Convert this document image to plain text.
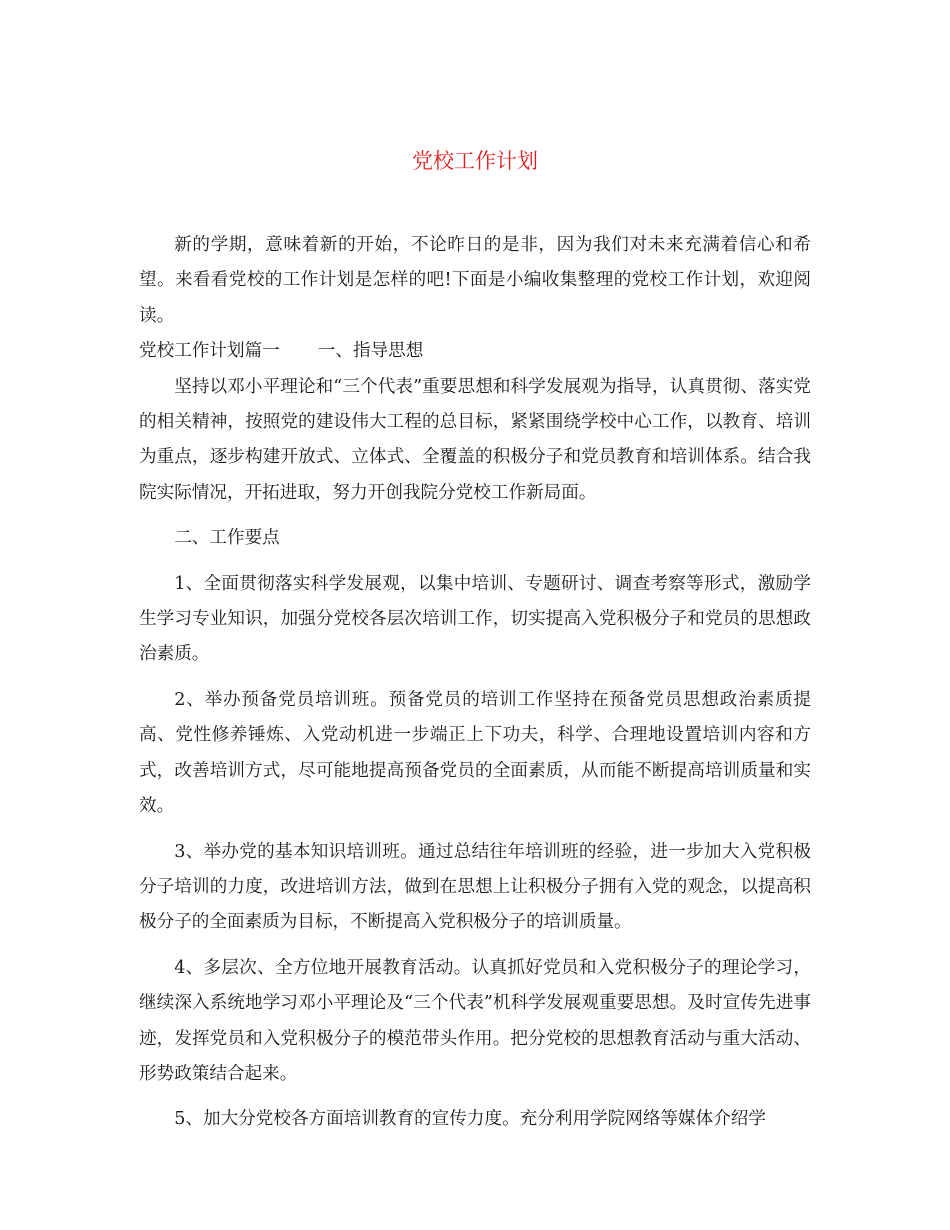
党校工作计划

新的学期，意味着新的开始，不论昨日的是非，因为我们对未来充满着信心和希望。来看看党校的工作计划是怎样的吧!下面是小编收集整理的党校工作计划，欢迎阅读。

党校工作计划篇一 一、指导思想

坚持以邓小平理论和“三个代表”重要思想和科学发展观为指导，认真贯彻、落实党的相关精神，按照党的建设伟大工程的总目标，紧紧围绕学校中心工作，以教育、培训为重点，逐步构建开放式、立体式、全覆盖的积极分子和党员教育和培训体系。结合我院实际情况，开拓进取，努力开创我院分党校工作新局面。

二、工作要点

1、全面贯彻落实科学发展观，以集中培训、专题研讨、调查考察等形式，激励学生学习专业知识，加强分党校各层次培训工作，切实提高入党积极分子和党员的思想政治素质。

2、举办预备党员培训班。预备党员的培训工作坚持在预备党员思想政治素质提高、党性修养锤炼、入党动机进一步端正上下功夫，科学、合理地设置培训内容和方式，改善培训方式，尽可能地提高预备党员的全面素质，从而能不断提高培训质量和实效。

3、举办党的基本知识培训班。通过总结往年培训班的经验，进一步加大入党积极分子培训的力度，改进培训方法，做到在思想上让积极分子拥有入党的观念，以提高积极分子的全面素质为目标，不断提高入党积极分子的培训质量。

4、多层次、全方位地开展教育活动。认真抓好党员和入党积极分子的理论学习，继续深入系统地学习邓小平理论及“三个代表”机科学发展观重要思想。及时宣传先进事迹，发挥党员和入党积极分子的模范带头作用。把分党校的思想教育活动与重大活动、形势政策结合起来。

5、加大分党校各方面培训教育的宣传力度。充分利用学院网络等媒体介绍学
